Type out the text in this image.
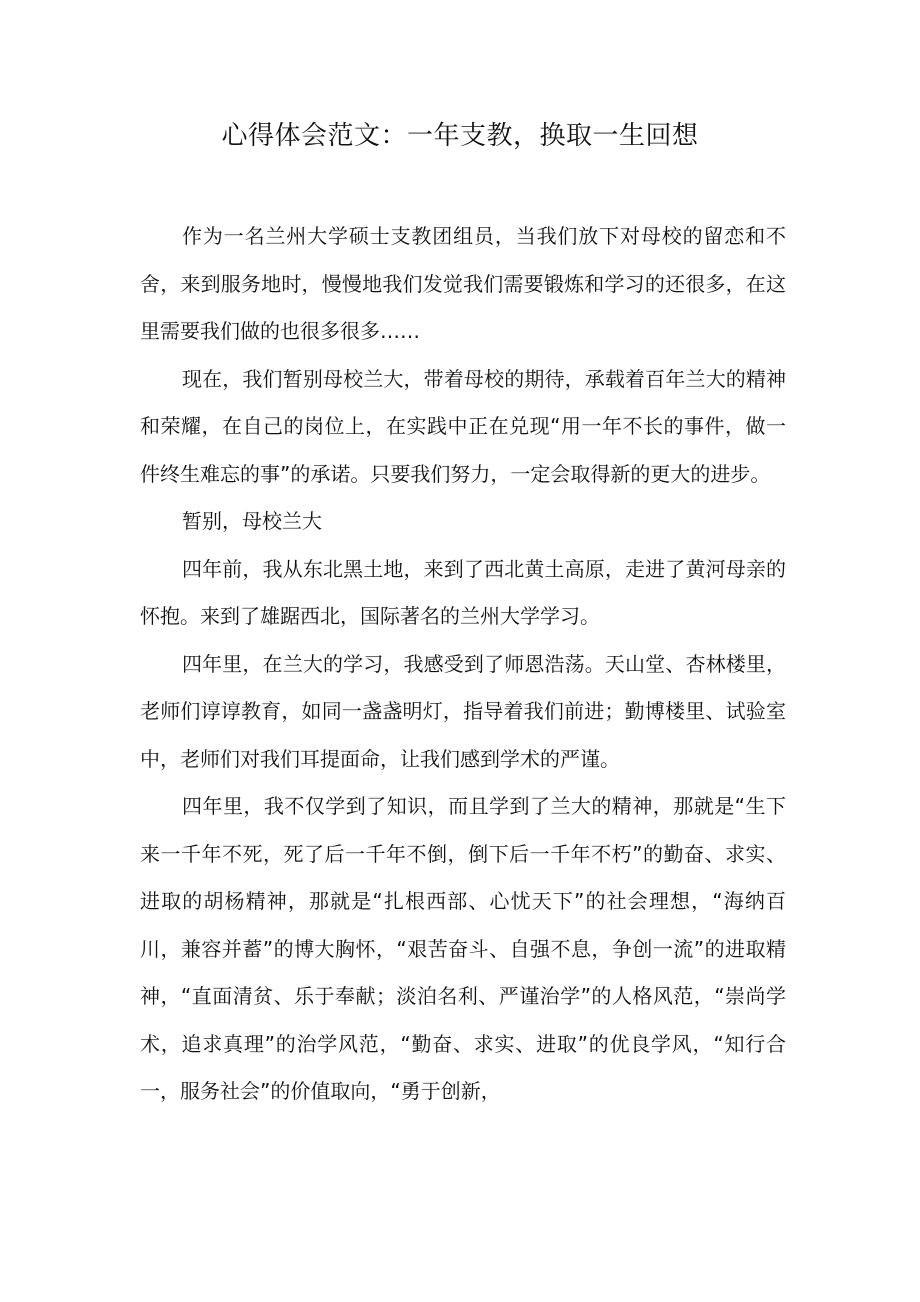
心得体会范文：一年支教，换取一生回想

作为一名兰州大学硕士支教团组员，当我们放下对母校的留恋和不舍，来到服务地时，慢慢地我们发觉我们需要锻炼和学习的还很多，在这里需要我们做的也很多很多……

现在，我们暂别母校兰大，带着母校的期待，承载着百年兰大的精神和荣耀，在自己的岗位上，在实践中正在兑现“用一年不长的事件，做一件终生难忘的事”的承诺。只要我们努力，一定会取得新的更大的进步。

暂别，母校兰大

四年前，我从东北黑土地，来到了西北黄土高原，走进了黄河母亲的怀抱。来到了雄踞西北，国际著名的兰州大学学习。

四年里，在兰大的学习，我感受到了师恩浩荡。天山堂、杏林楼里，老师们谆谆教育，如同一盏盏明灯，指导着我们前进；勤博楼里、试验室中，老师们对我们耳提面命，让我们感到学术的严谨。

四年里，我不仅学到了知识，而且学到了兰大的精神，那就是“生下来一千年不死，死了后一千年不倒，倒下后一千年不朽”的勤奋、求实、进取的胡杨精神，那就是“扎根西部、心忧天下”的社会理想，“海纳百川，兼容并蓄”的博大胸怀，“艰苦奋斗、自强不息，争创一流”的进取精神，“直面清贫、乐于奉献；淡泊名利、严谨治学”的人格风范，“崇尚学术，追求真理”的治学风范，“勤奋、求实、进取”的优良学风，“知行合一，服务社会”的价值取向，“勇于创新，
